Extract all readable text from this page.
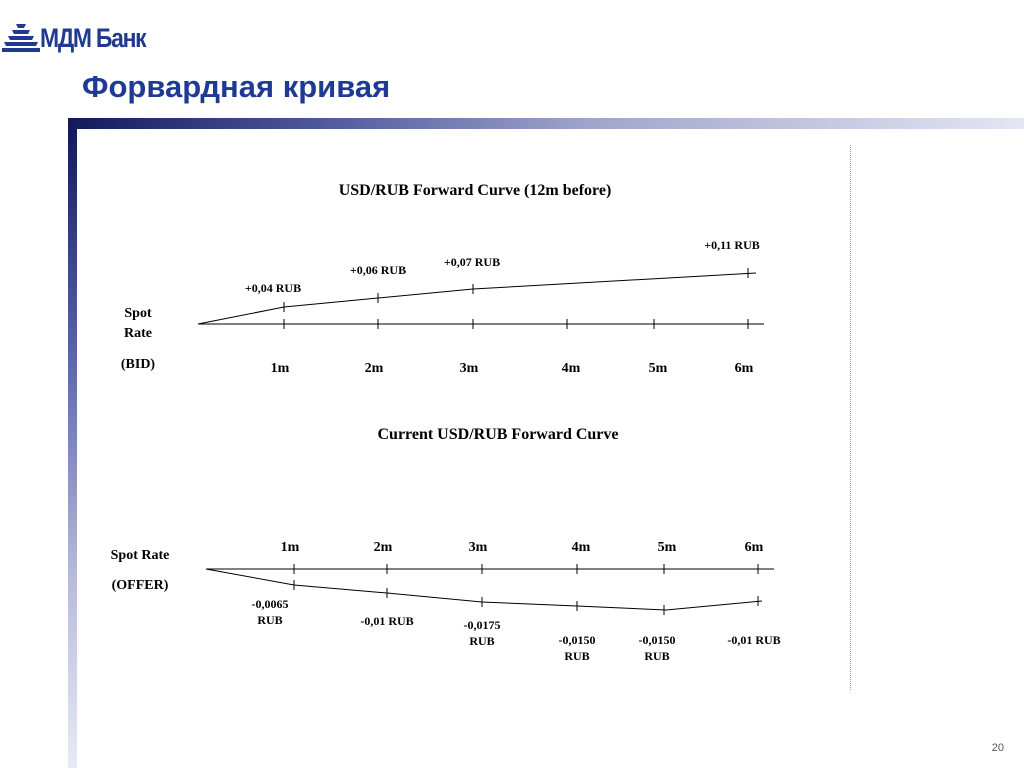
МДМ Банк
Форвардная кривая
USD/RUB Forward Curve (12m before)
Spot
Rate
(BID)	1m	2m	3m	4m	5m	6m
+0,04 RUB
+0,06 RUB
+0,07 RUB
+0,11 RUB
Current USD/RUB Forward Curve
Spot Rate
(OFFER)
1m	2m	3m	4m	5m	6m
-0,0065
RUB	-0,01 RUB	-0,0175
RUB	-0,0150
RUB
-0,0150
RUB
-0,01 RUB
20
